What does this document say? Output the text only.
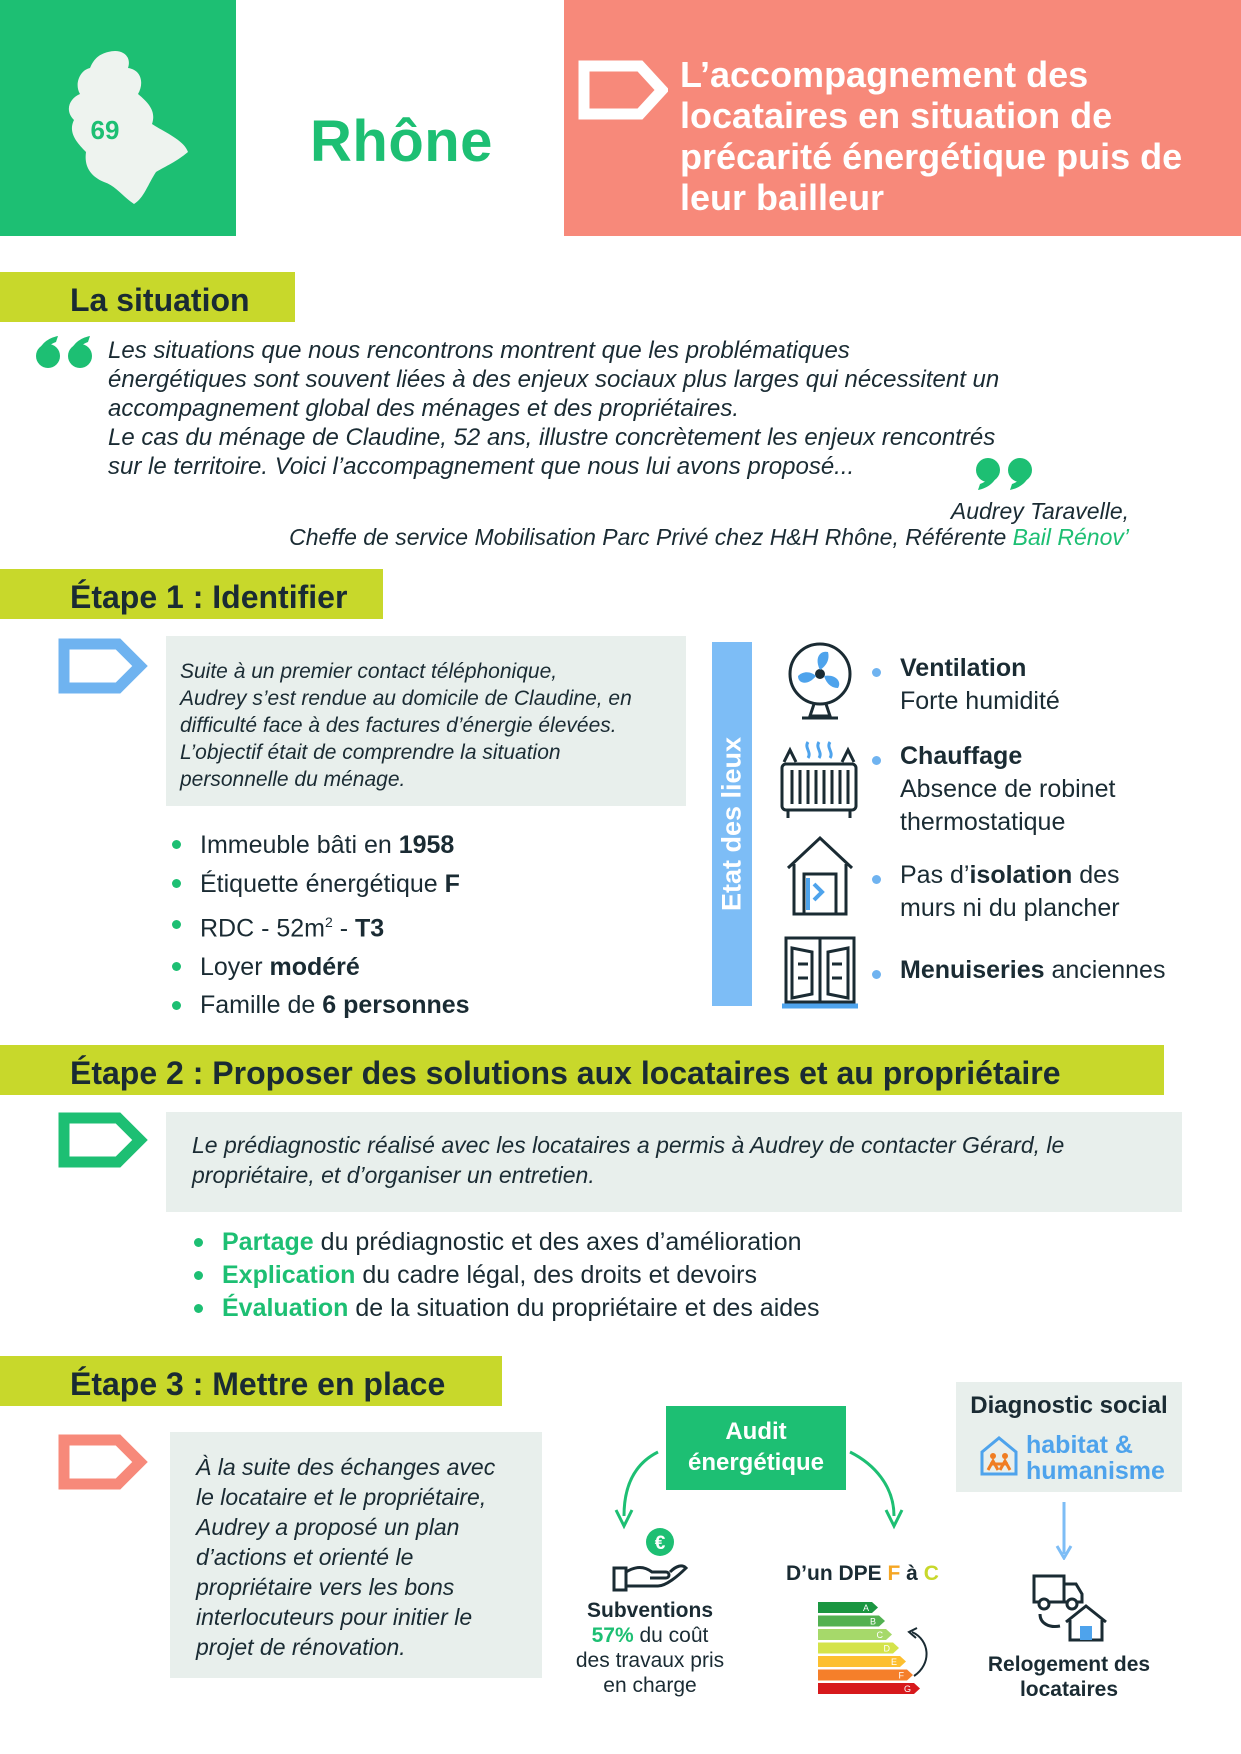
69	Rhône
L’accompagnement des locataires en situation de précarité énergétique puis de leur bailleur
La situation
Les situations que nous rencontrons montrent que les problématiques
énergétiques sont souvent liées à des enjeux sociaux plus larges qui nécessitent un
accompagnement global des ménages et des propriétaires.
Le cas du ménage de Claudine, 52 ans, illustre concrètement les enjeux rencontrés
sur le territoire. Voici l’accompagnement que nous lui avons proposé...
Audrey Taravelle,
Cheffe de service Mobilisation Parc Privé chez H&H Rhône, Référente Bail Rénov’
Étape 1 : Identifier
Suite à un premier contact téléphonique,
Audrey s’est rendue au domicile de Claudine, en
difficulté face à des factures d’énergie élevées.
L’objectif était de comprendre la situation
personnelle du ménage.
Immeuble bâti en 1958
Étiquette énergétique F
RDC - $52m^2 - T3$
Loyer modéré
Famille de 6 personnes
Etat des lieux
Ventilation
Forte humidité
Chauffage
Absence de robinet
thermostatique
Pas d’isolation des
murs ni du plancher
Menuiseries anciennes
Étape 2 : Proposer des solutions aux locataires et au propriétaire
Le prédiagnostic réalisé avec les locataires a permis à Audrey de contacter Gérard, le
propriétaire, et d’organiser un entretien.
Partage du prédiagnostic et des axes d’amélioration
Explication du cadre légal, des droits et devoirs
Évaluation de la situation du propriétaire et des aides
Étape 3 : Mettre en place
À la suite des échanges avec
le locataire et le propriétaire,
Audrey a proposé un plan
d’actions et orienté le
propriétaire vers les bons
interlocuteurs pour initier le
projet de rénovation.
Audit
énergétique
€
Subventions
57% du coût
des travaux pris
en charge
D’un DPE F à C
A
B
C
D
E
F
G
Diagnostic social
habitat &
humanisme
Relogement des
locataires
